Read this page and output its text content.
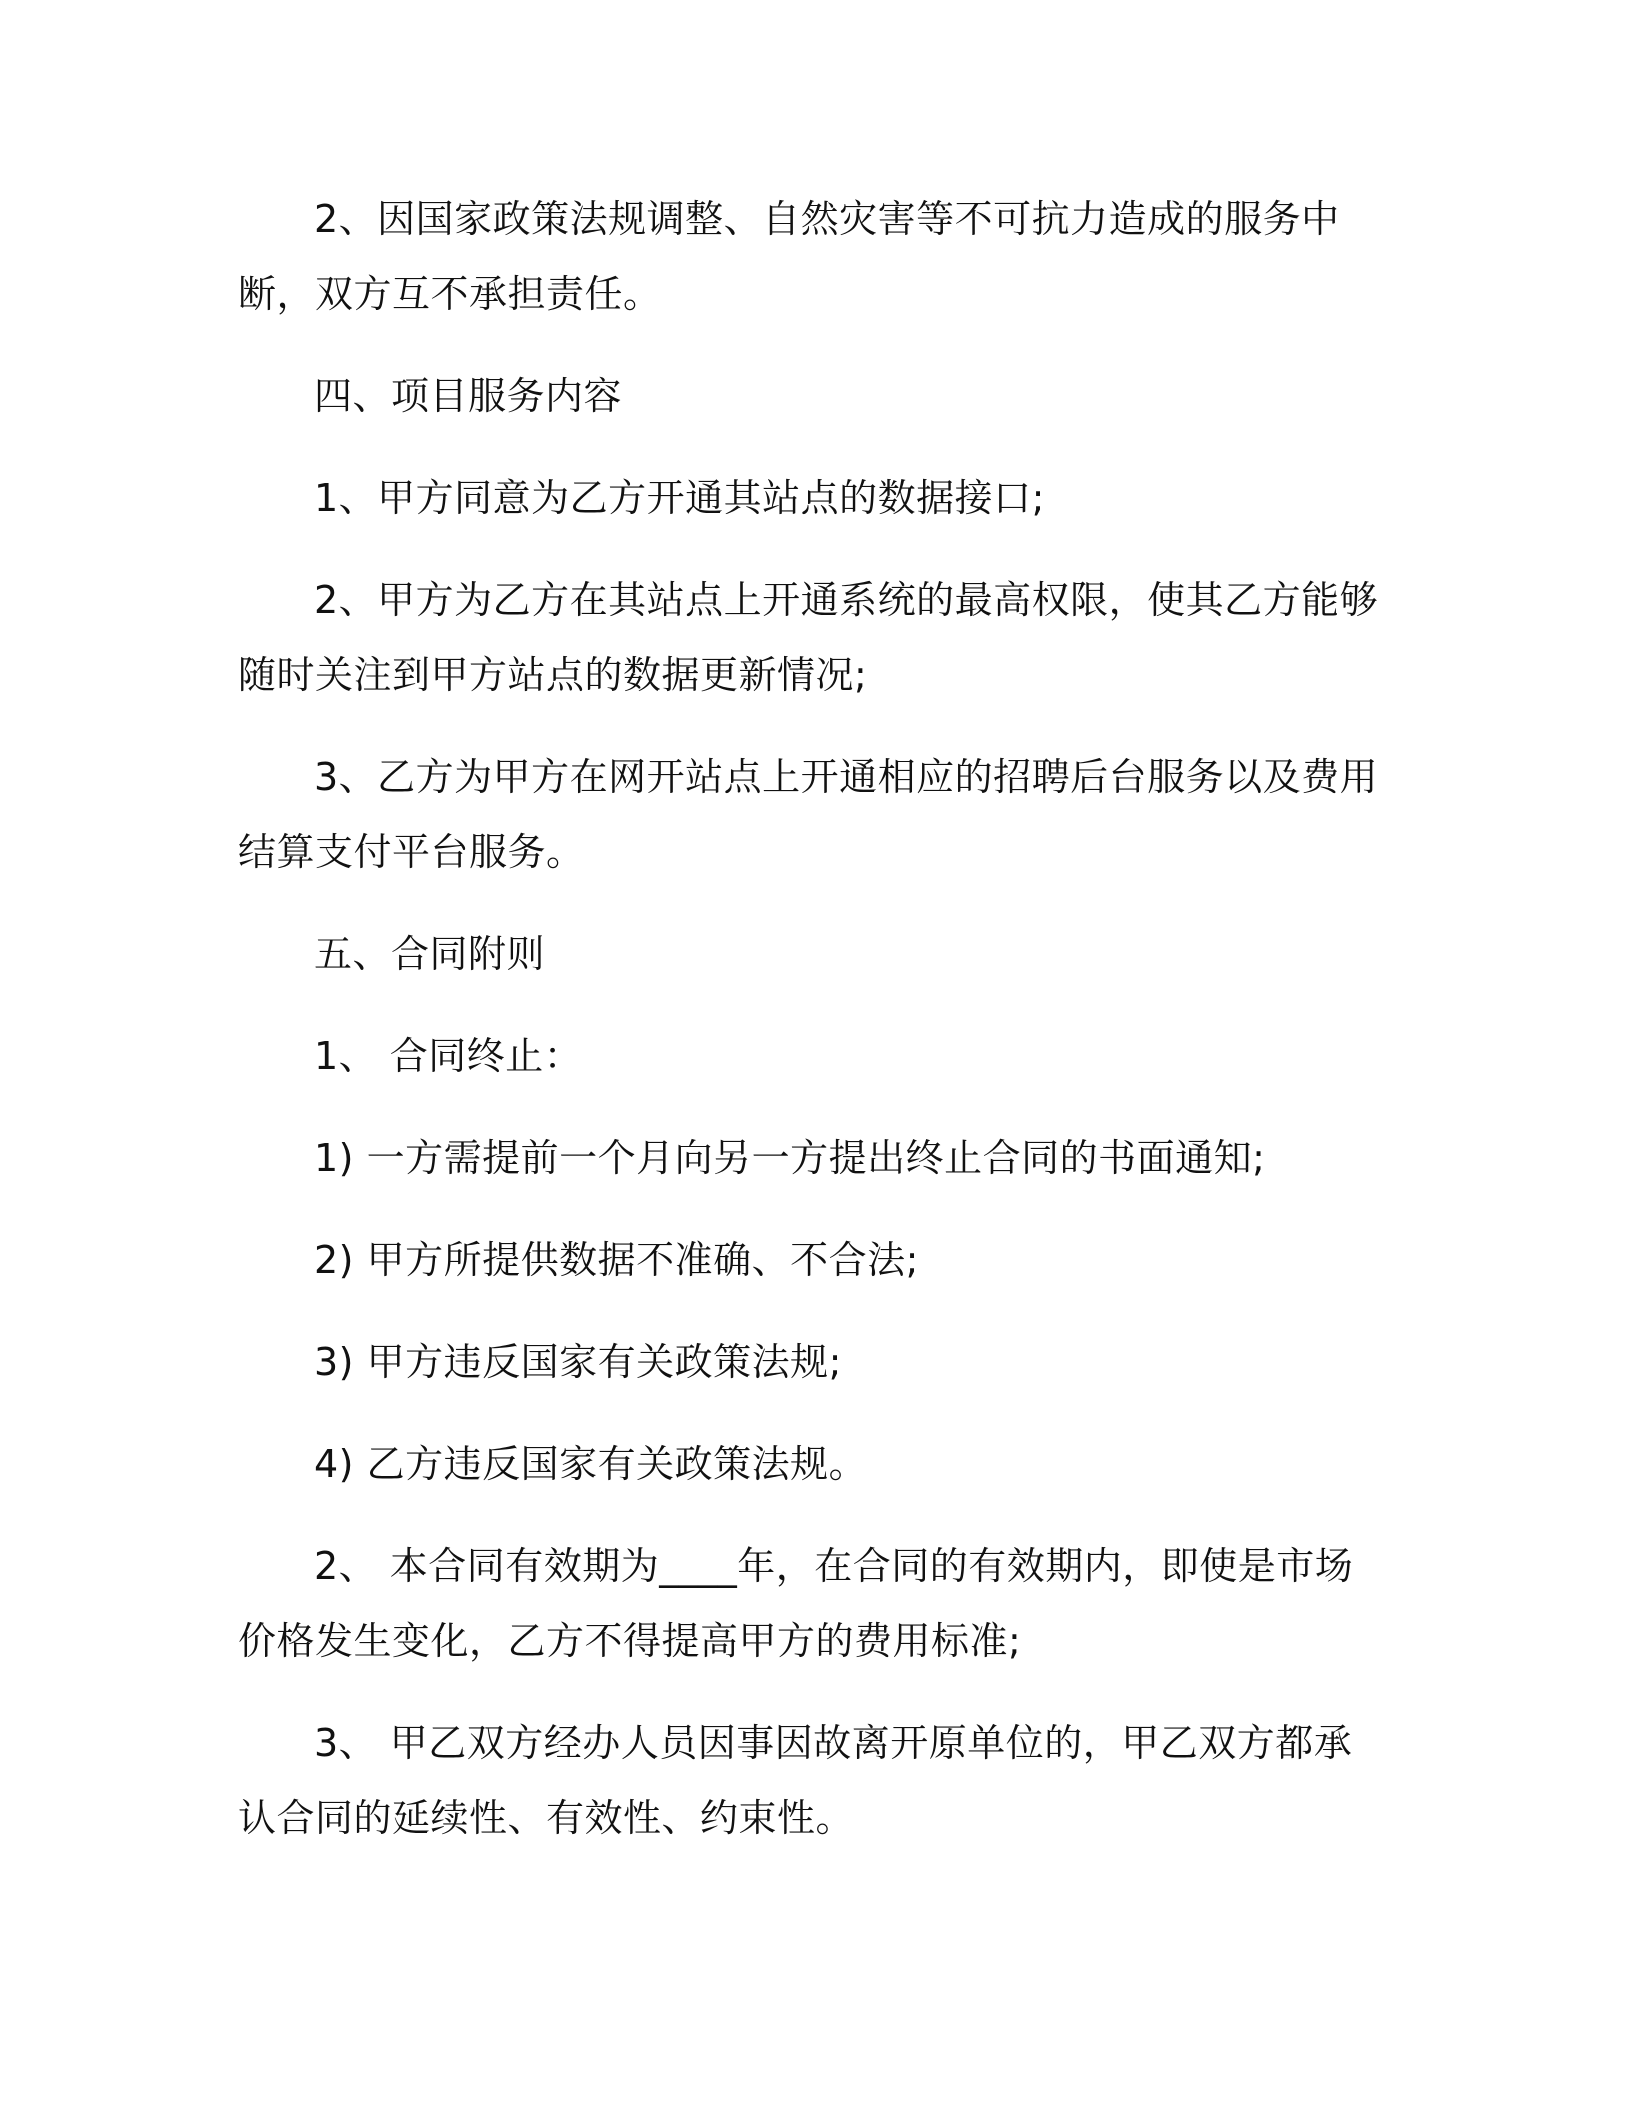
2、因国家政策法规调整、自然灾害等不可抗力造成的服务中断，双方互不承担责任。

四、项目服务内容

1、甲方同意为乙方开通其站点的数据接口;

2、甲方为乙方在其站点上开通系统的最高权限，使其乙方能够随时关注到甲方站点的数据更新情况;

3、乙方为甲方在网开站点上开通相应的招聘后台服务以及费用结算支付平台服务。

五、合同附则

1、 合同终止：

1) 一方需提前一个月向另一方提出终止合同的书面通知;

2) 甲方所提供数据不准确、不合法;

3) 甲方违反国家有关政策法规;

4) 乙方违反国家有关政策法规。

2、 本合同有效期为____年，在合同的有效期内，即使是市场价格发生变化，乙方不得提高甲方的费用标准;

3、 甲乙双方经办人员因事因故离开原单位的，甲乙双方都承认合同的延续性、有效性、约束性。
